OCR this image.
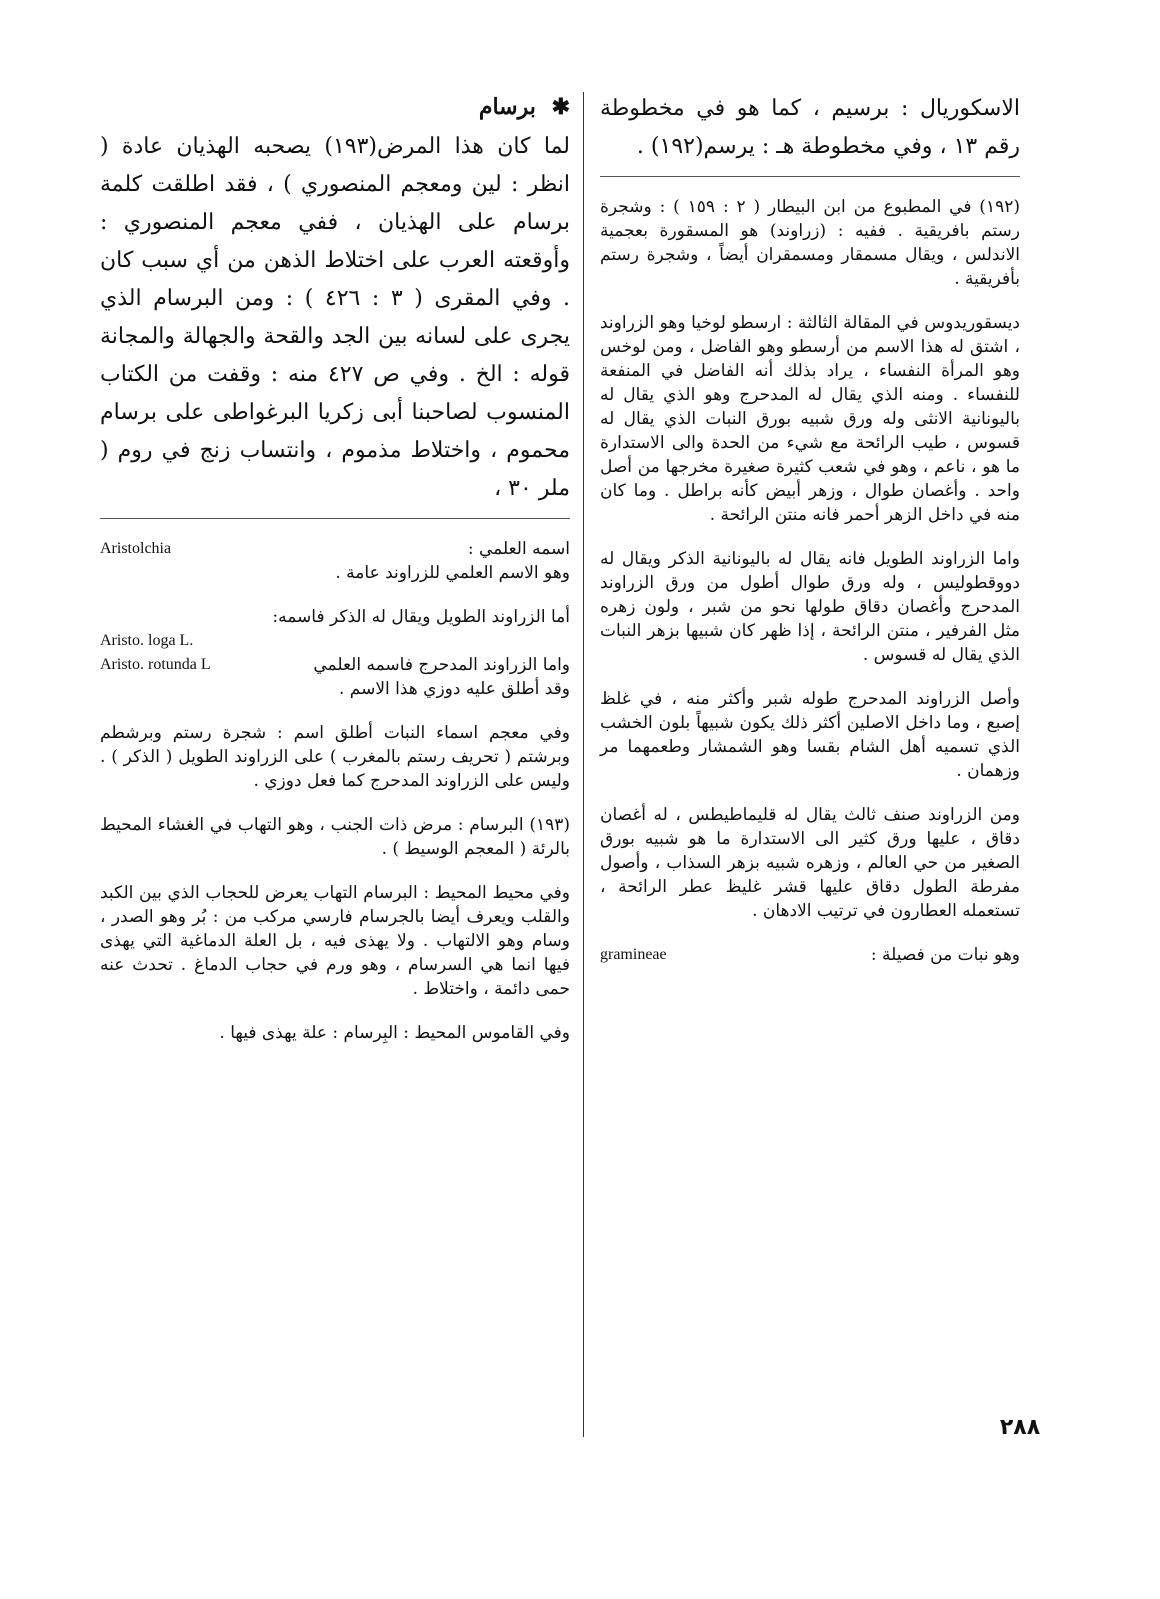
الاسكوريال : برسيم ، كما هو في مخطوطة رقم ١٣ ، وفي مخطوطة هـ : يرسم(١٩٢) .

(١٩٢) في المطبوع من ابن البيطار ( ٢ : ١٥٩ ) : وشجرة رستم بافريقية . ففيه : (زراوند) هو المسقورة بعجمية الاندلس ، ويقال مسمقار ومسمقران أيضاً ، وشجرة رستم بأفريقية .

ديسقوريدوس في المقالة الثالثة : ارسطو لوخيا وهو الزراوند ، اشتق له هذا الاسم من أرسطو وهو الفاضل ، ومن لوخس وهو المرأة النفساء ، يراد بذلك أنه الفاضل في المنفعة للنفساء . ومنه الذي يقال له المدحرج وهو الذي يقال له باليونانية الانثى وله ورق شبيه بورق النبات الذي يقال له قسوس ، طيب الرائحة مع شيء من الحدة والى الاستدارة ما هو ، ناعم ، وهو في شعب كثيرة صغيرة مخرجها من أصل واحد . وأغصان طوال ، وزهر أبيض كأنه براطل . وما كان منه في داخل الزهر أحمر فانه منتن الرائحة .

واما الزراوند الطويل فانه يقال له باليونانية الذكر ويقال له دووقطوليس ، وله ورق طوال أطول من ورق الزراوند المدحرج وأغصان دقاق طولها نحو من شبر ، ولون زهره مثل الفرفير ، منتن الرائحة ، إذا ظهر كان شبيها بزهر النبات الذي يقال له قسوس .

وأصل الزراوند المدحرج طوله شبر وأكثر منه ، في غلظ إصبع ، وما داخل الاصلين أكثر ذلك يكون شبيهاً بلون الخشب الذي تسميه أهل الشام بقسا وهو الشمشار وطعمهما مر وزهمان .

ومن الزراوند صنف ثالث يقال له قليماطيطس ، له أغصان دقاق ، عليها ورق كثير الى الاستدارة ما هو شبيه بورق الصغير من حي العالم ، وزهره شبيه بزهر السذاب ، وأصول مفرطة الطول دقاق عليها قشر غليظ عطر الرائحة ، تستعمله العطارون في ترتيب الادهان .

وهو نبات من فصيلة :
gramineae
✱ برسام

لما كان هذا المرض(١٩٣) يصحبه الهذيان عادة ( انظر : لين ومعجم المنصوري ) ، فقد اطلقت كلمة برسام على الهذيان ، ففي معجم المنصوري : وأوقعته العرب على اختلاط الذهن من أي سبب كان . وفي المقرى ( ٣ : ٤٢٦ ) : ومن البرسام الذي يجرى على لسانه بين الجد والقحة والجهالة والمجانة قوله : الخ . وفي ص ٤٢٧ منه : وقفت من الكتاب المنسوب لصاحبنا أبى زكريا البرغواطى على برسام محموم ، واختلاط مذموم ، وانتساب زنج في روم ( ملر ٣٠ ،

اسمه العلمي :
Aristolchia

وهو الاسم العلمي للزراوند عامة .

أما الزراوند الطويل ويقال له الذكر فاسمه:

Aristo. loga L.
واما الزراوند المدحرج فاسمه العلمي
Aristo. rotunda L

وقد أطلق عليه دوزي هذا الاسم .

وفي معجم اسماء النبات أطلق اسم : شجرة رستم وبرشطم وبرشتم ( تحريف رستم بالمغرب ) على الزراوند الطويل ( الذكر ) . وليس على الزراوند المدحرج كما فعل دوزي .

(١٩٣) البرسام : مرض ذات الجنب ، وهو التهاب في الغشاء المحيط بالرئة ( المعجم الوسيط ) .

وفي محيط المحيط : البرسام التهاب يعرض للحجاب الذي بين الكبد والقلب ويعرف أيضا بالجرسام فارسي مركب من : بُر وهو الصدر ، وسام وهو الالتهاب . ولا يهذى فيه ، بل العلة الدماغية التي يهذى فيها انما هي السرسام ، وهو ورم في حجاب الدماغ . تحدث عنه حمى دائمة ، واختلاط .

وفي القاموس المحيط : البِرسام : علة يهذى فيها .

٢٨٨
